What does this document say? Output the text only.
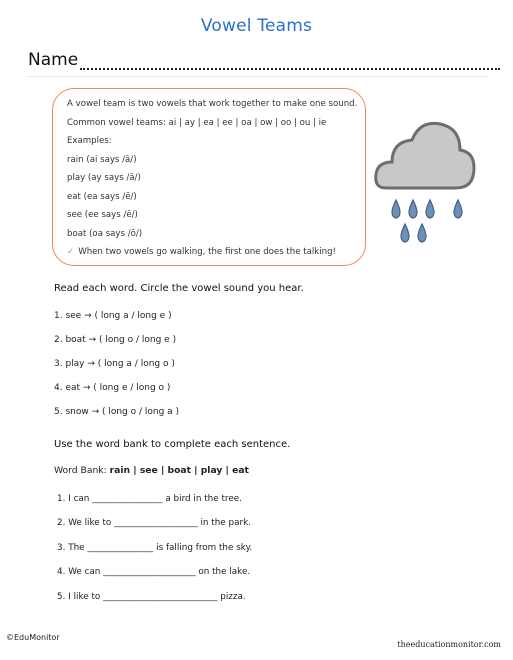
Vowel Teams
Name
A vowel team is two vowels that work together to make one sound.
Common vowel teams: ai | ay | ea | ee | oa | ow | oo | ou | ie
Examples:
rain (ai says /ā/)
play (ay says /ā/)
eat (ea says /ē/)
see (ee says /ē/)
boat (oa says /ō/)
✓ When two vowels go walking, the first one does the talking!
Read each word. Circle the vowel sound you hear.
1. see → ( long a / long e )
2. boat → ( long o / long e )
3. play → ( long a / long o )
4. eat → ( long e / long o )
5. snow → ( long o / long a )
Use the word bank to complete each sentence.
Word Bank: rain | see | boat | play | eat
1. I can ________________ a bird in the tree.
2. We like to ___________________ in the park.
3. The _______________ is falling from the sky.
4. We can _____________________ on the lake.
5. I like to __________________________ pizza.
©EduMonitor
theeducationmonitor.com
